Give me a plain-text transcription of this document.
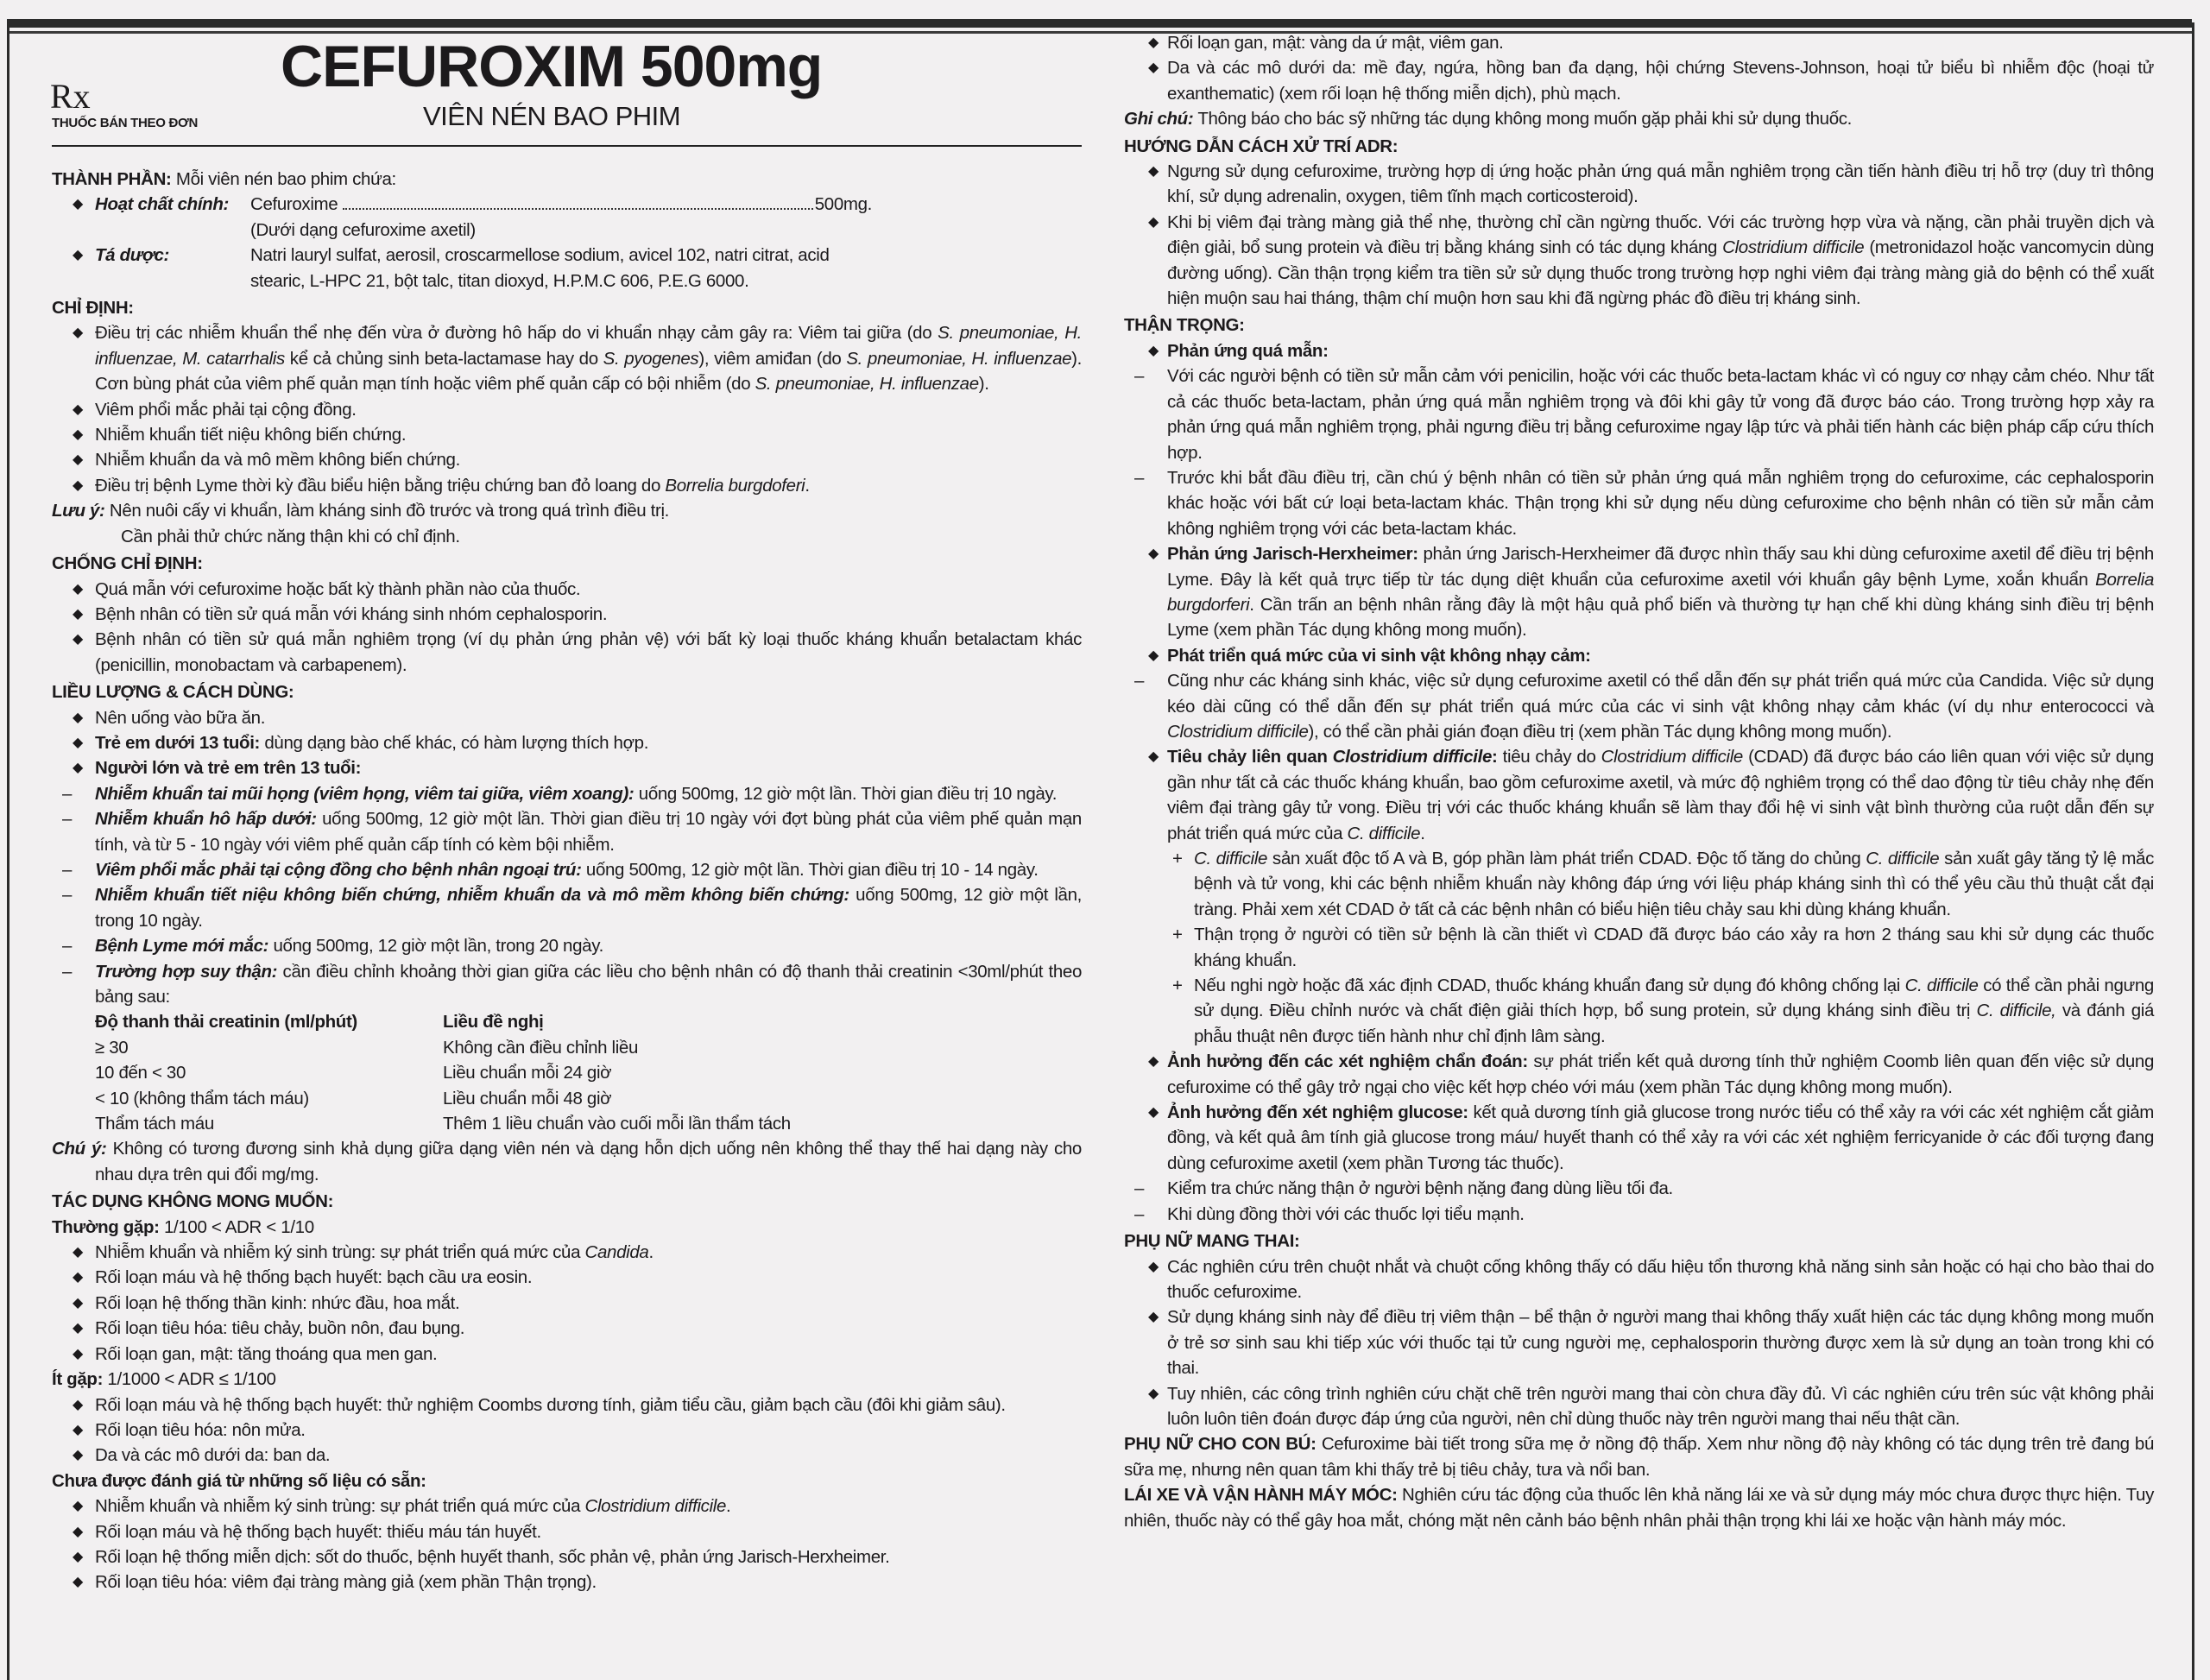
Rx
THUỐC BÁN THEO ĐƠN
CEFUROXIM 500mg
VIÊN NÉN BAO PHIM
THÀNH PHẦN: Mỗi viên nén bao phim chứa:
◆ Hoạt chất chính: Cefuroxime	500mg.
(Dưới dạng cefuroxime axetil)
◆ Tá dược:	Natri lauryl sulfat, aerosil, croscarmellose sodium, avicel 102, natri citrat, acid stearic, L-HPC 21, bột talc, titan dioxyd, H.P.M.C 606, P.E.G 6000.
CHỈ ĐỊNH:
◆ Điều trị các nhiễm khuẩn thể nhẹ đến vừa ở đường hô hấp do vi khuẩn nhạy cảm gây ra: Viêm tai giữa (do S. pneumoniae, H. influenzae, M. catarrhalis kể cả chủng sinh beta-lactamase hay do S. pyogenes), viêm amiđan (do S. pneumoniae, H. influenzae). Cơn bùng phát của viêm phế quản mạn tính hoặc viêm phế quản cấp có bội nhiễm (do S. pneumoniae, H. influenzae).
◆ Viêm phổi mắc phải tại cộng đồng.
◆ Nhiễm khuẩn tiết niệu không biến chứng.
◆ Nhiễm khuẩn da và mô mềm không biến chứng.
◆ Điều trị bệnh Lyme thời kỳ đầu biểu hiện bằng triệu chứng ban đỏ loang do Borrelia burgdoferi.
Lưu ý: Nên nuôi cấy vi khuẩn, làm kháng sinh đồ trước và trong quá trình điều trị.
Cần phải thử chức năng thận khi có chỉ định.
CHỐNG CHỈ ĐỊNH:
◆ Quá mẫn với cefuroxime hoặc bất kỳ thành phần nào của thuốc.
◆ Bệnh nhân có tiền sử quá mẫn với kháng sinh nhóm cephalosporin.
◆ Bệnh nhân có tiền sử quá mẫn nghiêm trọng (ví dụ phản ứng phản vệ) với bất kỳ loại thuốc kháng khuẩn betalactam khác (penicillin, monobactam và carbapenem).
LIỀU LƯỢNG & CÁCH DÙNG:
◆ Nên uống vào bữa ăn.
◆ Trẻ em dưới 13 tuổi: dùng dạng bào chế khác, có hàm lượng thích hợp.
◆ Người lớn và trẻ em trên 13 tuổi:
– Nhiễm khuẩn tai mũi họng (viêm họng, viêm tai giữa, viêm xoang): uống 500mg, 12 giờ một lần. Thời gian điều trị 10 ngày.
– Nhiễm khuẩn hô hấp dưới: uống 500mg, 12 giờ một lần. Thời gian điều trị 10 ngày với đợt bùng phát của viêm phế quản mạn tính, và từ 5 - 10 ngày với viêm phế quản cấp tính có kèm bội nhiễm.
– Viêm phổi mắc phải tại cộng đồng cho bệnh nhân ngoại trú: uống 500mg, 12 giờ một lần. Thời gian điều trị 10 - 14 ngày.
– Nhiễm khuẩn tiết niệu không biến chứng, nhiễm khuẩn da và mô mềm không biến chứng: uống 500mg, 12 giờ một lần, trong 10 ngày.
– Bệnh Lyme mới mắc: uống 500mg, 12 giờ một lần, trong 20 ngày.
– Trường hợp suy thận: cần điều chỉnh khoảng thời gian giữa các liều cho bệnh nhân có độ thanh thải creatinin <30ml/phút theo bảng sau:
Độ thanh thải creatinin (ml/phút)	Liều đề nghị
≥ 30	Không cần điều chỉnh liều
10 đến < 30	Liều chuẩn mỗi 24 giờ
< 10 (không thẩm tách máu)	Liều chuẩn mỗi 48 giờ
Thẩm tách máu	Thêm 1 liều chuẩn vào cuối mỗi lần thẩm tách
Chú ý: Không có tương đương sinh khả dụng giữa dạng viên nén và dạng hỗn dịch uống nên không thể thay thế hai dạng này cho nhau dựa trên qui đổi mg/mg.
TÁC DỤNG KHÔNG MONG MUỐN:
Thường gặp: 1/100 < ADR < 1/10
◆ Nhiễm khuẩn và nhiễm ký sinh trùng: sự phát triển quá mức của Candida.
◆ Rối loạn máu và hệ thống bạch huyết: bạch cầu ưa eosin.
◆ Rối loạn hệ thống thần kinh: nhức đầu, hoa mắt.
◆ Rối loạn tiêu hóa: tiêu chảy, buồn nôn, đau bụng.
◆ Rối loạn gan, mật: tăng thoáng qua men gan.
Ít gặp: 1/1000 < ADR ≤ 1/100
◆ Rối loạn máu và hệ thống bạch huyết: thử nghiệm Coombs dương tính, giảm tiểu cầu, giảm bạch cầu (đôi khi giảm sâu).
◆ Rối loạn tiêu hóa: nôn mửa.
◆ Da và các mô dưới da: ban da.
Chưa được đánh giá từ những số liệu có sẵn:
◆ Nhiễm khuẩn và nhiễm ký sinh trùng: sự phát triển quá mức của Clostridium difficile.
◆ Rối loạn máu và hệ thống bạch huyết: thiếu máu tán huyết.
◆ Rối loạn hệ thống miễn dịch: sốt do thuốc, bệnh huyết thanh, sốc phản vệ, phản ứng Jarisch-Herxheimer.
◆ Rối loạn tiêu hóa: viêm đại tràng màng giả (xem phần Thận trọng).
◆ Rối loạn gan, mật: vàng da ứ mật, viêm gan.
◆ Da và các mô dưới da: mề đay, ngứa, hồng ban đa dạng, hội chứng Stevens-Johnson, hoại tử biểu bì nhiễm độc (hoại tử exanthematic) (xem rối loạn hệ thống miễn dịch), phù mạch.
Ghi chú: Thông báo cho bác sỹ những tác dụng không mong muốn gặp phải khi sử dụng thuốc.
HƯỚNG DẪN CÁCH XỬ TRÍ ADR:
◆ Ngưng sử dụng cefuroxime, trường hợp dị ứng hoặc phản ứng quá mẫn nghiêm trọng cần tiến hành điều trị hỗ trợ (duy trì thông khí, sử dụng adrenalin, oxygen, tiêm tĩnh mạch corticosteroid).
◆ Khi bị viêm đại tràng màng giả thể nhẹ, thường chỉ cần ngừng thuốc. Với các trường hợp vừa và nặng, cần phải truyền dịch và điện giải, bổ sung protein và điều trị bằng kháng sinh có tác dụng kháng Clostridium difficile (metronidazol hoặc vancomycin dùng đường uống). Cần thận trọng kiểm tra tiền sử sử dụng thuốc trong trường hợp nghi viêm đại tràng màng giả do bệnh có thể xuất hiện muộn sau hai tháng, thậm chí muộn hơn sau khi đã ngừng phác đồ điều trị kháng sinh.
THẬN TRỌNG:
◆ Phản ứng quá mẫn:
– Với các người bệnh có tiền sử mẫn cảm với penicilin, hoặc với các thuốc beta-lactam khác vì có nguy cơ nhạy cảm chéo. Như tất cả các thuốc beta-lactam, phản ứng quá mẫn nghiêm trọng và đôi khi gây tử vong đã được báo cáo. Trong trường hợp xảy ra phản ứng quá mẫn nghiêm trọng, phải ngưng điều trị bằng cefuroxime ngay lập tức và phải tiến hành các biện pháp cấp cứu thích hợp.
– Trước khi bắt đầu điều trị, cần chú ý bệnh nhân có tiền sử phản ứng quá mẫn nghiêm trọng do cefuroxime, các cephalosporin khác hoặc với bất cứ loại beta-lactam khác. Thận trọng khi sử dụng nếu dùng cefuroxime cho bệnh nhân có tiền sử mẫn cảm không nghiêm trọng với các beta-lactam khác.
◆ Phản ứng Jarisch-Herxheimer: phản ứng Jarisch-Herxheimer đã được nhìn thấy sau khi dùng cefuroxime axetil để điều trị bệnh Lyme. Đây là kết quả trực tiếp từ tác dụng diệt khuẩn của cefuroxime axetil với khuẩn gây bệnh Lyme, xoắn khuẩn Borrelia burgdorferi. Cần trấn an bệnh nhân rằng đây là một hậu quả phổ biến và thường tự hạn chế khi dùng kháng sinh điều trị bệnh Lyme (xem phần Tác dụng không mong muốn).
◆ Phát triển quá mức của vi sinh vật không nhạy cảm:
– Cũng như các kháng sinh khác, việc sử dụng cefuroxime axetil có thể dẫn đến sự phát triển quá mức của Candida. Việc sử dụng kéo dài cũng có thể dẫn đến sự phát triển quá mức của các vi sinh vật không nhạy cảm khác (ví dụ như enterococci và Clostridium difficile), có thể cần phải gián đoạn điều trị (xem phần Tác dụng không mong muốn).
◆ Tiêu chảy liên quan Clostridium difficile: tiêu chảy do Clostridium difficile (CDAD) đã được báo cáo liên quan với việc sử dụng gần như tất cả các thuốc kháng khuẩn, bao gồm cefuroxime axetil, và mức độ nghiêm trọng có thể dao động từ tiêu chảy nhẹ đến viêm đại tràng gây tử vong. Điều trị với các thuốc kháng khuẩn sẽ làm thay đổi hệ vi sinh vật bình thường của ruột dẫn đến sự phát triển quá mức của C. difficile.
+ C. difficile sản xuất độc tố A và B, góp phần làm phát triển CDAD. Độc tố tăng do chủng C. difficile sản xuất gây tăng tỷ lệ mắc bệnh và tử vong, khi các bệnh nhiễm khuẩn này không đáp ứng với liệu pháp kháng sinh thì có thể yêu cầu thủ thuật cắt đại tràng. Phải xem xét CDAD ở tất cả các bệnh nhân có biểu hiện tiêu chảy sau khi dùng kháng khuẩn.
+ Thận trọng ở người có tiền sử bệnh là cần thiết vì CDAD đã được báo cáo xảy ra hơn 2 tháng sau khi sử dụng các thuốc kháng khuẩn.
+ Nếu nghi ngờ hoặc đã xác định CDAD, thuốc kháng khuẩn đang sử dụng đó không chống lại C. difficile có thể cần phải ngưng sử dụng. Điều chỉnh nước và chất điện giải thích hợp, bổ sung protein, sử dụng kháng sinh điều trị C. difficile, và đánh giá phẫu thuật nên được tiến hành như chỉ định lâm sàng.
◆ Ảnh hưởng đến các xét nghiệm chẩn đoán: sự phát triển kết quả dương tính thử nghiệm Coomb liên quan đến việc sử dụng cefuroxime có thể gây trở ngại cho việc kết hợp chéo với máu (xem phần Tác dụng không mong muốn).
◆ Ảnh hưởng đến xét nghiệm glucose: kết quả dương tính giả glucose trong nước tiểu có thể xảy ra với các xét nghiệm cắt giảm đồng, và kết quả âm tính giả glucose trong máu/ huyết thanh có thể xảy ra với các xét nghiệm ferricyanide ở các đối tượng đang dùng cefuroxime axetil (xem phần Tương tác thuốc).
– Kiểm tra chức năng thận ở người bệnh nặng đang dùng liều tối đa.
– Khi dùng đồng thời với các thuốc lợi tiểu mạnh.
PHỤ NỮ MANG THAI:
◆ Các nghiên cứu trên chuột nhắt và chuột cống không thấy có dấu hiệu tổn thương khả năng sinh sản hoặc có hại cho bào thai do thuốc cefuroxime.
◆ Sử dụng kháng sinh này để điều trị viêm thận – bể thận ở người mang thai không thấy xuất hiện các tác dụng không mong muốn ở trẻ sơ sinh sau khi tiếp xúc với thuốc tại tử cung người mẹ, cephalosporin thường được xem là sử dụng an toàn trong khi có thai.
◆ Tuy nhiên, các công trình nghiên cứu chặt chẽ trên người mang thai còn chưa đầy đủ. Vì các nghiên cứu trên súc vật không phải luôn luôn tiên đoán được đáp ứng của người, nên chỉ dùng thuốc này trên người mang thai nếu thật cần.
PHỤ NỮ CHO CON BÚ: Cefuroxime bài tiết trong sữa mẹ ở nồng độ thấp. Xem như nồng độ này không có tác dụng trên trẻ đang bú sữa mẹ, nhưng nên quan tâm khi thấy trẻ bị tiêu chảy, tưa và nổi ban.
LÁI XE VÀ VẬN HÀNH MÁY MÓC: Nghiên cứu tác động của thuốc lên khả năng lái xe và sử dụng máy móc chưa được thực hiện. Tuy nhiên, thuốc này có thể gây hoa mắt, chóng mặt nên cảnh báo bệnh nhân phải thận trọng khi lái xe hoặc vận hành máy móc.
